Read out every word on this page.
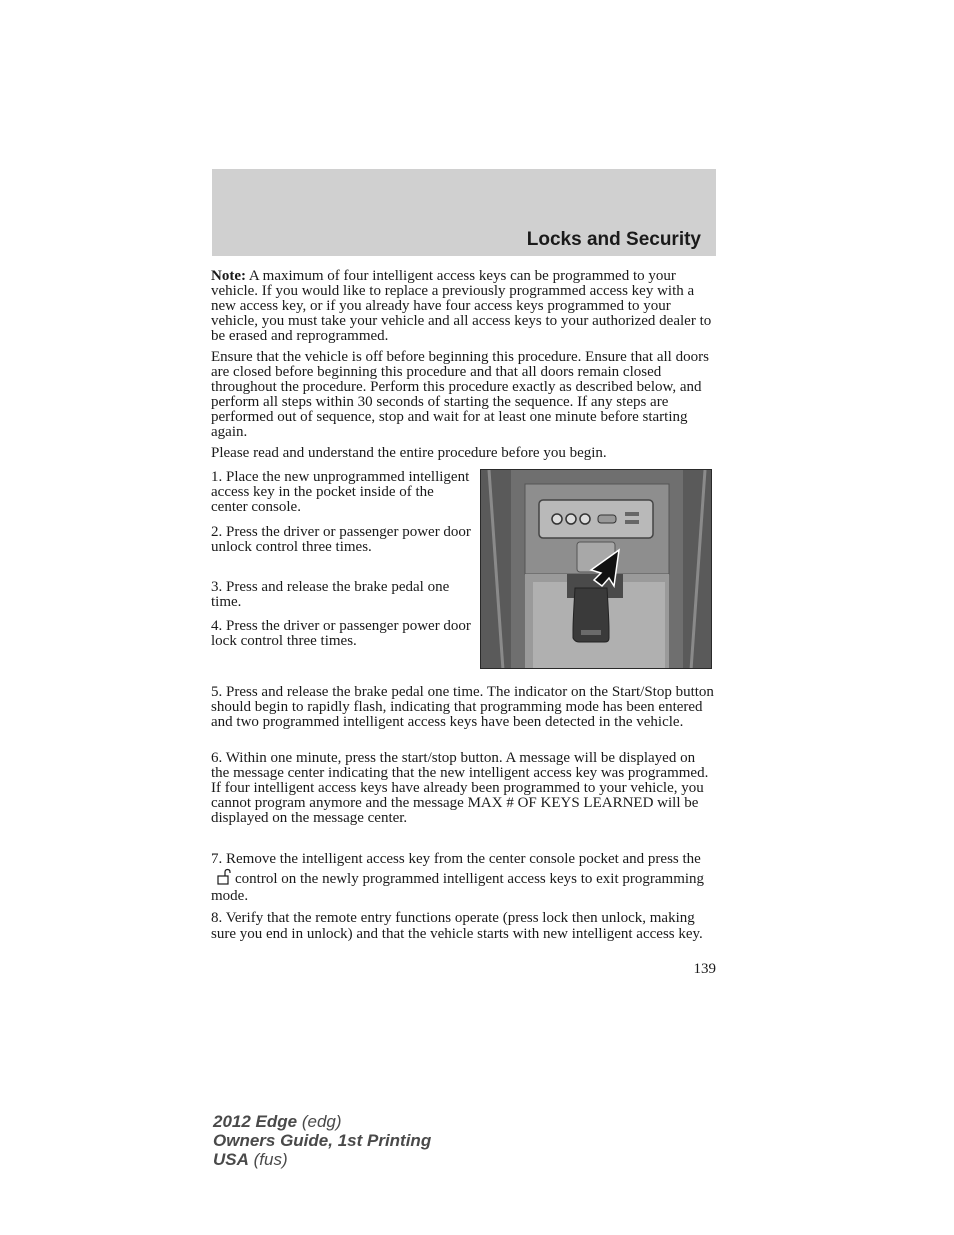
Locks and Security

Note: A maximum of four intelligent access keys can be programmed to your vehicle. If you would like to replace a previously programmed access key with a new access key, or if you already have four access keys programmed to your vehicle, you must take your vehicle and all access keys to your authorized dealer to be erased and reprogrammed.

Ensure that the vehicle is off before beginning this procedure. Ensure that all doors are closed before beginning this procedure and that all doors remain closed throughout the procedure. Perform this procedure exactly as described below, and perform all steps within 30 seconds of starting the sequence. If any steps are performed out of sequence, stop and wait for at least one minute before starting again.

Please read and understand the entire procedure before you begin.

1. Place the new unprogrammed intelligent access key in the pocket inside of the center console.

2. Press the driver or passenger power door unlock control three times.

3. Press and release the brake pedal one time.

4. Press the driver or passenger power door lock control three times.

5. Press and release the brake pedal one time. The indicator on the Start/Stop button should begin to rapidly flash, indicating that programming mode has been entered and two programmed intelligent access keys have been detected in the vehicle.

6. Within one minute, press the start/stop button. A message will be displayed on the message center indicating that the new intelligent access key was programmed. If four intelligent access keys have already been programmed to your vehicle, you cannot program anymore and the message MAX # OF KEYS LEARNED will be displayed on the message center.

7. Remove the intelligent access key from the center console pocket and press thecontrol on the newly programmed intelligent access keys to exit programming mode.

8. Verify that the remote entry functions operate (press lock then unlock, making sure you end in unlock) and that the vehicle starts with new intelligent access key.

139

2012 Edge (edg)
Owners Guide, 1st Printing
USA (fus)
